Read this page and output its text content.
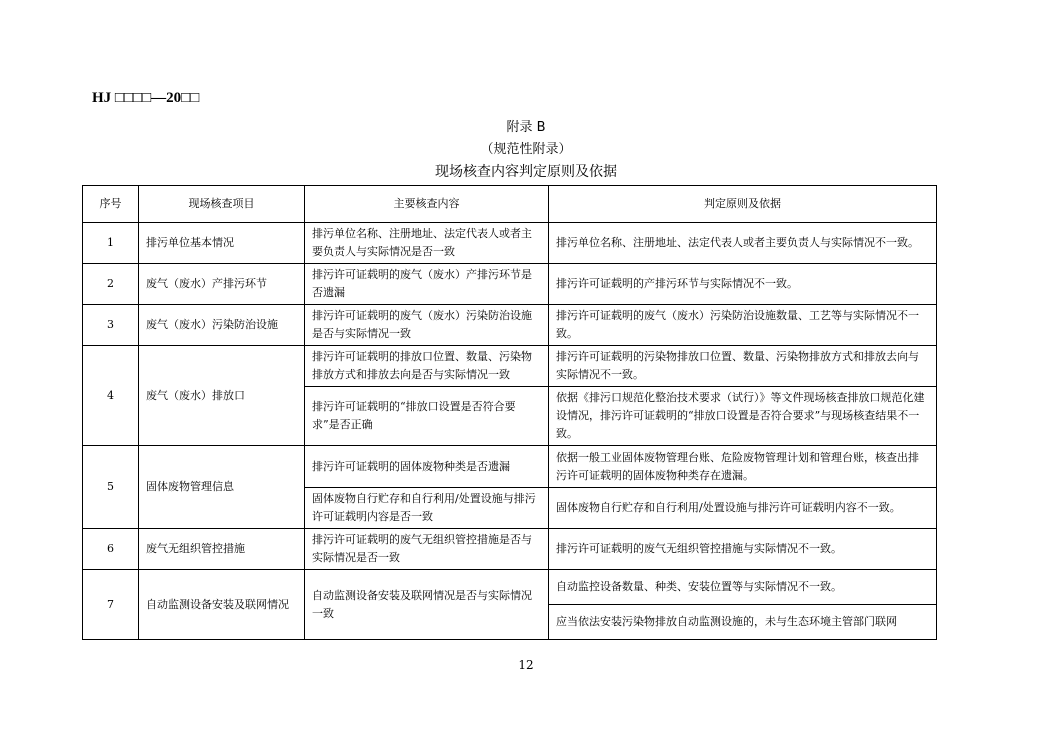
HJ □□□□—20□□
附录 B
（规范性附录）
现场核查内容判定原则及依据
序号	现场核查项目	主要核查内容	判定原则及依据
1	排污单位基本情况	排污单位名称、注册地址、法定代表人或者主要负责人与实际情况是否一致	排污单位名称、注册地址、法定代表人或者主要负责人与实际情况不一致。
2	废气（废水）产排污环节	排污许可证载明的废气（废水）产排污环节是否遗漏	排污许可证载明的产排污环节与实际情况不一致。
3	废气（废水）污染防治设施	排污许可证载明的废气（废水）污染防治设施是否与实际情况一致	排污许可证载明的废气（废水）污染防治设施数量、工艺等与实际情况不一致。
4	废气（废水）排放口	排污许可证载明的排放口位置、数量、污染物排放方式和排放去向是否与实际情况一致	排污许可证载明的污染物排放口位置、数量、污染物排放方式和排放去向与实际情况不一致。
		排污许可证载明的“排放口设置是否符合要求”是否正确	依据《排污口规范化整治技术要求（试行）》等文件现场核查排放口规范化建设情况，排污许可证载明的“排放口设置是否符合要求”与现场核查结果不一致。
5	固体废物管理信息	排污许可证载明的固体废物种类是否遗漏	依据一般工业固体废物管理台账、危险废物管理计划和管理台账，核查出排污许可证载明的固体废物种类存在遗漏。
		固体废物自行贮存和自行利用/处置设施与排污许可证载明内容是否一致	固体废物自行贮存和自行利用/处置设施与排污许可证载明内容不一致。
6	废气无组织管控措施	排污许可证载明的废气无组织管控措施是否与实际情况是否一致	排污许可证载明的废气无组织管控措施与实际情况不一致。
7	自动监测设备安装及联网情况	自动监测设备安装及联网情况是否与实际情况一致	自动监控设备数量、种类、安装位置等与实际情况不一致。
			应当依法安装污染物排放自动监测设施的，未与生态环境主管部门联网
12
